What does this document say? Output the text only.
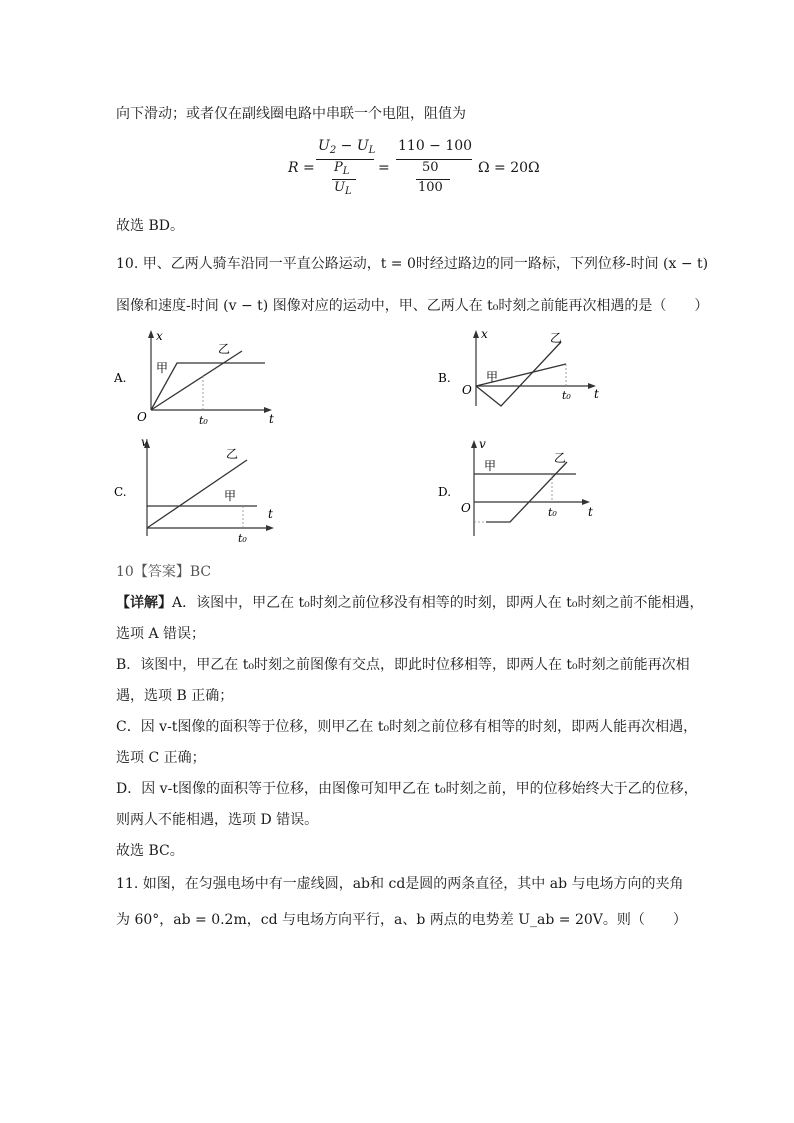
向下滑动；或者仅在副线圈电路中串联一个电阻，阻值为
R =
$U_2 - U_L$
$P_L$
$U_L$
=
110 − 100
50
100
Ω = 20Ω
故选 BD。
10. 甲、乙两人骑车沿同一平直公路运动，t = 0时经过路边的同一路标，下列位移-时间 (x − t)
图像和速度-时间 (v − t) 图像对应的运动中，甲、乙两人在 t₀时刻之前能再次相遇的是（　　）
A.
x
t
O
甲
乙
t₀
B.
x
t
O
甲
乙
t₀
C.
v
t
甲
乙
t₀
D.
v
t
O
甲
乙
t₀
10【答案】BC
【详解】A．该图中，甲乙在 t₀时刻之前位移没有相等的时刻，即两人在 t₀时刻之前不能相遇，
选项 A 错误；
B．该图中，甲乙在 t₀时刻之前图像有交点，即此时位移相等，即两人在 t₀时刻之前能再次相
遇，选项 B 正确；
C．因 v-t图像的面积等于位移，则甲乙在 t₀时刻之前位移有相等的时刻，即两人能再次相遇，
选项 C 正确；
D．因 v-t图像的面积等于位移，由图像可知甲乙在 t₀时刻之前，甲的位移始终大于乙的位移，
则两人不能相遇，选项 D 错误。
故选 BC。
11. 如图，在匀强电场中有一虚线圆，ab和 cd是圆的两条直径，其中 ab 与电场方向的夹角
为 60°，ab = 0.2m，cd 与电场方向平行，a、b 两点的电势差 U_ab = 20V。则（　　）
